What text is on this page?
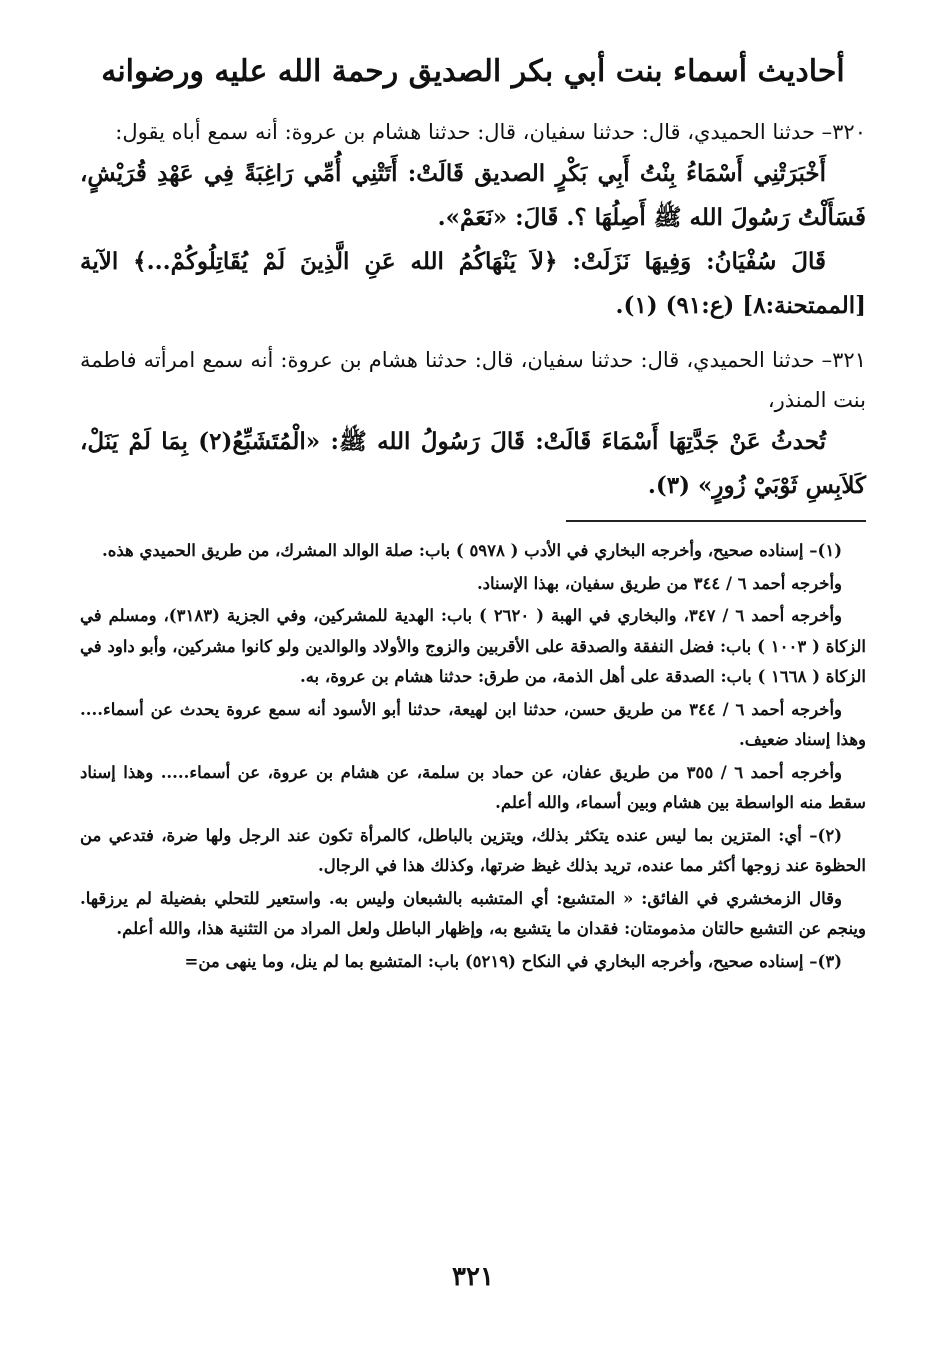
أحاديث أسماء بنت أبي بكر الصديق رحمة الله عليه ورضوانه

٣٢٠– حدثنا الحميدي، قال: حدثنا سفيان، قال: حدثنا هشام بن عروة: أنه سمع أباه يقول:

أَخْبَرَتْنِي أَسْمَاءُ بِنْتُ أَبِي بَكْرٍ الصديق قَالَتْ: أَتَتْنِي أُمِّي رَاغِبَةً فِي عَهْدِ قُرَيْشٍ، فَسَأَلْتُ رَسُولَ الله ﷺ أَصِلُهَا ؟. قَالَ: «نَعَمْ».

قَالَ سُفْيَانُ: وَفِيهَا نَزَلَتْ: ﴿لاَ يَنْهَاكُمُ الله عَنِ الَّذِينَ لَمْ يُقَاتِلُوكُمْ...﴾ الآية [الممتحنة:٨] (ع:٩١) (١).

٣٢١– حدثنا الحميدي، قال: حدثنا سفيان، قال: حدثنا هشام بن عروة: أنه سمع امرأته فاطمة بنت المنذر،

تُحدثُ عَنْ جَدَّتِهَا أَسْمَاءَ قَالَتْ: قَالَ رَسُولُ الله ﷺ: «الْمُتَشَبِّعُ(٢) بِمَا لَمْ يَنَلْ، كَلاَبِسِ ثَوْبَيْ زُورٍ» (٣).

(١)– إسناده صحيح، وأخرجه البخاري في الأدب ( ٥٩٧٨ ) باب: صلة الوالد المشرك، من طريق الحميدي هذه.

وأخرجه أحمد ٦ / ٣٤٤ من طريق سفيان، بهذا الإسناد.

وأخرجه أحمد ٦ / ٣٤٧، والبخاري في الهبة ( ٢٦٢٠ ) باب: الهدية للمشركين، وفي الجزية (٣١٨٣)، ومسلم في الزكاة ( ١٠٠٣ ) باب: فضل النفقة والصدقة على الأقربين والزوج والأولاد والوالدين ولو كانوا مشركين، وأبو داود في الزكاة ( ١٦٦٨ ) باب: الصدقة على أهل الذمة، من طرق: حدثنا هشام بن عروة، به.

وأخرجه أحمد ٦ / ٣٤٤ من طريق حسن، حدثنا ابن لهيعة، حدثنا أبو الأسود أنه سمع عروة يحدث عن أسماء.... وهذا إسناد ضعيف.

وأخرجه أحمد ٦ / ٣٥٥ من طريق عفان، عن حماد بن سلمة، عن هشام بن عروة، عن أسماء..... وهذا إسناد سقط منه الواسطة بين هشام وبين أسماء، والله أعلم.

(٢)– أي: المتزين بما ليس عنده يتكثر بذلك، ويتزين بالباطل، كالمرأة تكون عند الرجل ولها ضرة، فتدعي من الحظوة عند زوجها أكثر مما عنده، تريد بذلك غيظ ضرتها، وكذلك هذا في الرجال.

وقال الزمخشري في الفائق: « المتشبع: أي المتشبه بالشبعان وليس به. واستعير للتحلي بفضيلة لم يرزقها. وينجم عن التشبع حالتان مذمومتان: فقدان ما يتشبع به، وإظهار الباطل ولعل المراد من التثنية هذا، والله أعلم.

(٣)– إسناده صحيح، وأخرجه البخاري في النكاح (٥٢١٩) باب: المتشبع بما لم ينل، وما ينهى من=

٣٢١
